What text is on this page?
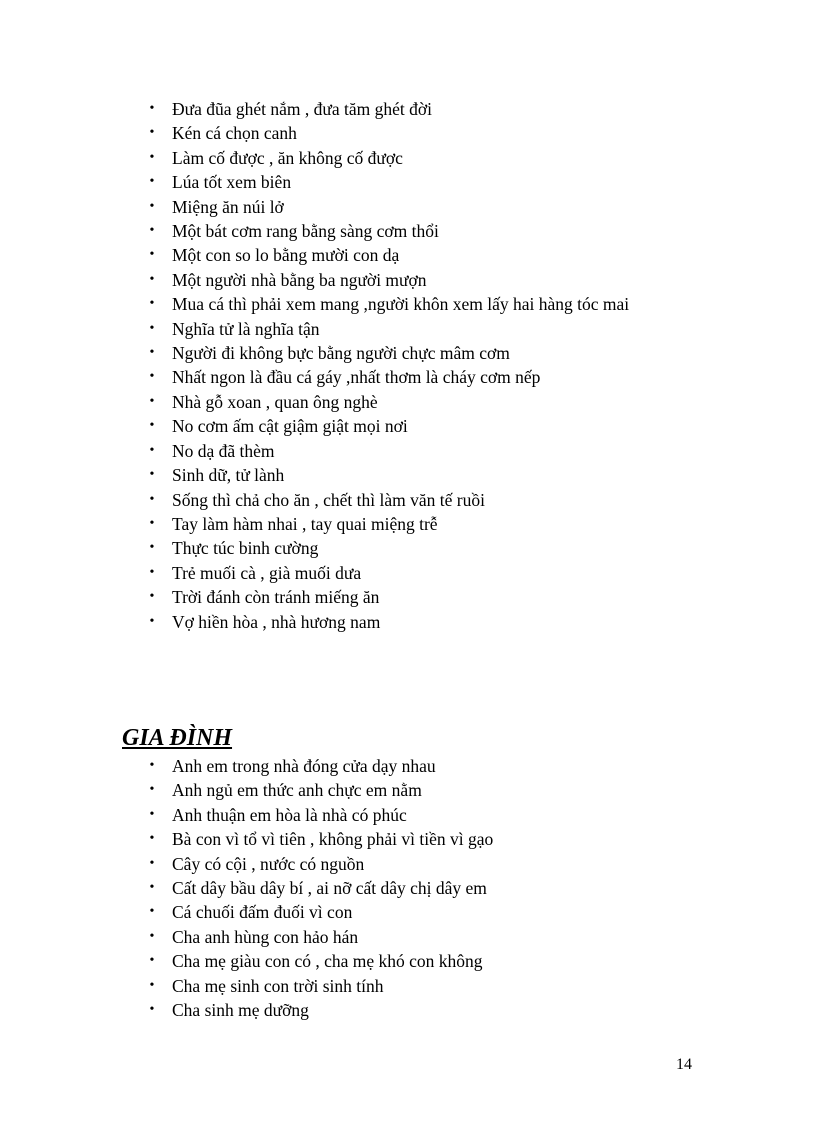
• Đưa đũa ghét nắm , đưa tăm ghét đời
• Kén cá chọn canh
• Làm cố được , ăn không cố được
• Lúa tốt xem biên
• Miệng ăn núi lở
• Một bát cơm rang bằng sàng cơm thổi
• Một con so lo bằng mười con dạ
• Một người nhà bằng ba người mượn
• Mua cá thì phải xem mang ,người khôn xem lấy hai hàng tóc mai
• Nghĩa tử là nghĩa tận
• Người đi không bực bằng người chực mâm cơm
• Nhất ngon là đầu cá gáy ,nhất thơm là cháy cơm nếp
• Nhà gỗ xoan , quan ông nghè
• No cơm ấm cật giậm giật mọi nơi
• No dạ đã thèm
• Sinh dữ, tử lành
• Sống thì chả cho ăn , chết thì làm văn tế ruồi
• Tay làm hàm nhai , tay quai miệng trễ
• Thực túc binh cường
• Trẻ muối cà , già muối dưa
• Trời đánh còn tránh miếng ăn
• Vợ hiền hòa , nhà hương nam
GIA ĐÌNH
• Anh em trong nhà đóng cửa dạy nhau
• Anh ngủ em thức anh chực em nằm
• Anh thuận em hòa là nhà có phúc
• Bà con vì tổ vì tiên , không phải vì tiền vì gạo
• Cây có cội , nước có nguồn
• Cất dây bầu dây bí , ai nỡ cất dây chị dây em
• Cá chuối đấm đuối vì con
• Cha anh hùng con hảo hán
• Cha mẹ giàu con có , cha mẹ khó con không
• Cha mẹ sinh con trời sinh tính
• Cha sinh mẹ dưỡng
14
